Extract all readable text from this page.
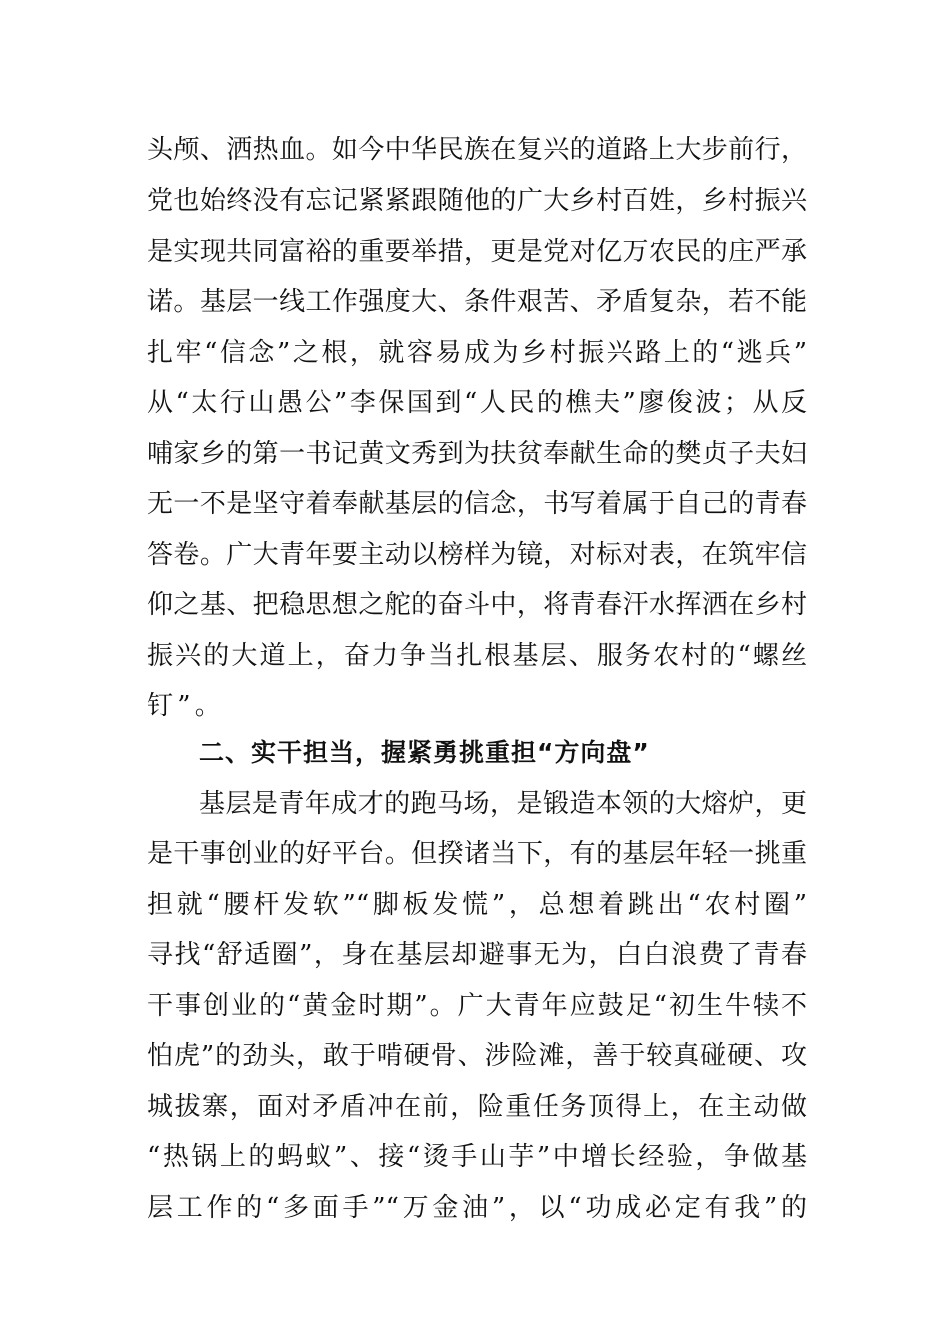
头颅、洒热血。如今中华民族在复兴的道路上大步前行，
党也始终没有忘记紧紧跟随他的广大乡村百姓，乡村振兴
是实现共同富裕的重要举措，更是党对亿万农民的庄严承
诺。基层一线工作强度大、条件艰苦、矛盾复杂，若不能
扎牢“信念”之根，就容易成为乡村振兴路上的“逃兵”
从“太行山愚公”李保国到“人民的樵夫”廖俊波；从反
哺家乡的第一书记黄文秀到为扶贫奉献生命的樊贞子夫妇
无一不是坚守着奉献基层的信念，书写着属于自己的青春
答卷。广大青年要主动以榜样为镜，对标对表，在筑牢信
仰之基、把稳思想之舵的奋斗中，将青春汗水挥洒在乡村
振兴的大道上，奋力争当扎根基层、服务农村的“螺丝
钉”。
二、实干担当，握紧勇挑重担“方向盘”
基层是青年成才的跑马场，是锻造本领的大熔炉，更
是干事创业的好平台。但揆诸当下，有的基层年轻一挑重
担就“腰杆发软”“脚板发慌”，总想着跳出“农村圈”
寻找“舒适圈”，身在基层却避事无为，白白浪费了青春
干事创业的“黄金时期”。广大青年应鼓足“初生牛犊不
怕虎”的劲头，敢于啃硬骨、涉险滩，善于较真碰硬、攻
城拔寨，面对矛盾冲在前，险重任务顶得上，在主动做
“热锅上的蚂蚁”、接“烫手山芋”中增长经验，争做基
层工作的“多面手”“万金油”，以“功成必定有我”的
